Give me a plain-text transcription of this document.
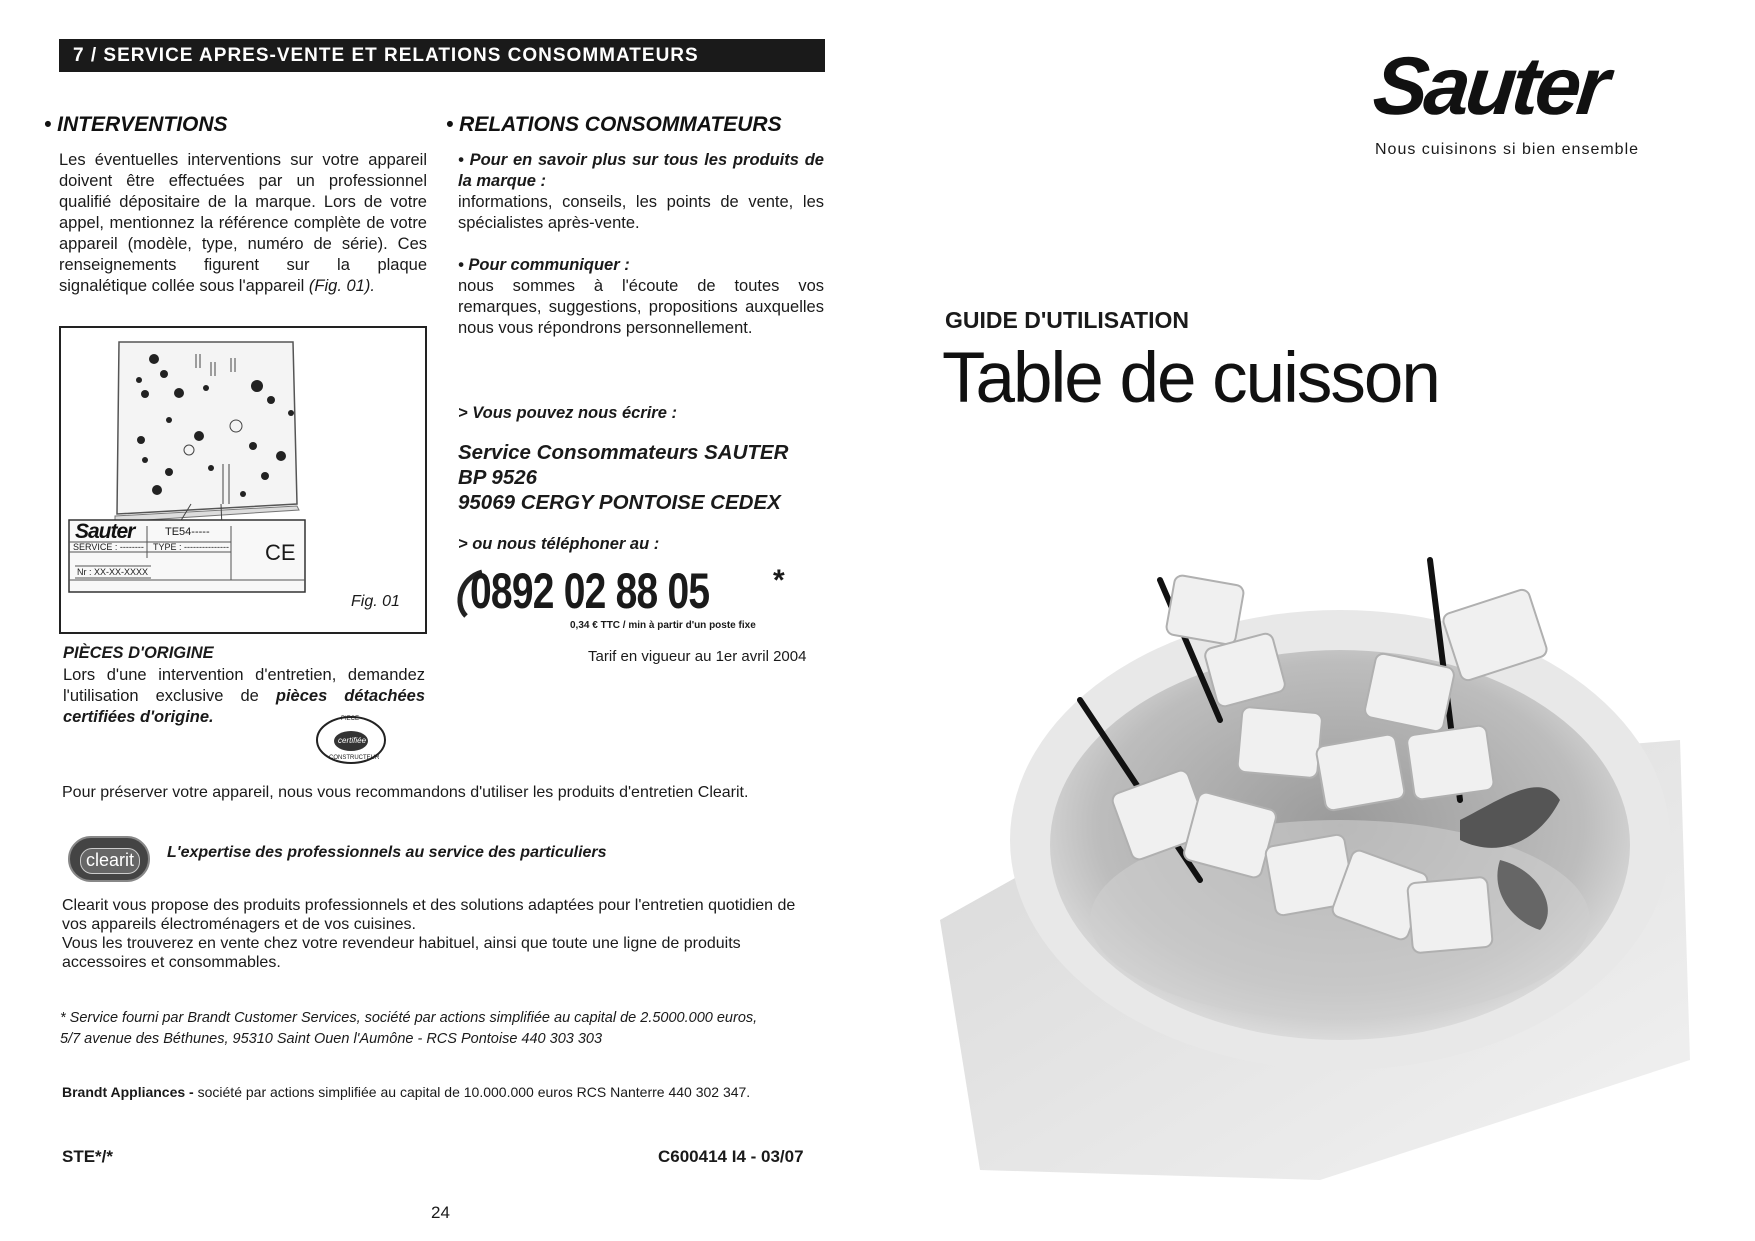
7 / SERVICE APRES-VENTE ET RELATIONS CONSOMMATEURS
• INTERVENTIONS
Les éventuelles interventions sur votre appareil doivent être effectuées par un professionnel qualifié dépositaire de la marque. Lors de votre appel, mentionnez la référence complète de votre appareil (modèle, type, numéro de série). Ces renseignements figurent sur la plaque signalétique collée sous l'appareil (Fig. 01).
Sauter	TE54-----
SERVICE : -------- TYPE : ---------------
Nr : XX-XX-XXXX
CE
Fig. 01
PIÈCES D'ORIGINE
Lors d'une intervention d'entretien, demandez l'utilisation exclusive de pièces détachées certifiées d'origine.	PIECE
certifiée
CONSTRUCTEUR
• RELATIONS CONSOMMATEURS
• Pour en savoir plus sur tous les produits de la marque :
informations, conseils, les points de vente, les spécialistes après-vente.
• Pour communiquer :
nous sommes à l'écoute de toutes vos remarques, suggestions, propositions auxquelles nous vous répondrons personnellement.
> Vous pouvez nous écrire :
Service Consommateurs SAUTER
BP 9526
95069 CERGY PONTOISE CEDEX
> ou nous téléphoner au :
0892 02 88 05 *
0,34 € TTC / min à partir d'un poste fixe
Tarif en vigueur au 1er avril 2004
Pour préserver votre appareil, nous vous recommandons d'utiliser les produits d'entretien Clearit.
clearit	L'expertise des professionnels au service des particuliers
Clearit vous propose des produits professionnels et des solutions adaptées pour l'entretien quotidien de vos appareils électroménagers et de vos cuisines.
Vous les trouverez en vente chez votre revendeur habituel, ainsi que toute une ligne de produits accessoires et consommables.
* Service fourni par Brandt Customer Services, société par actions simplifiée au capital de 2.5000.000 euros,
5/7 avenue des Béthunes, 95310 Saint Ouen l'Aumône - RCS Pontoise 440 303 303
Brandt Appliances - société par actions simplifiée au capital de 10.000.000 euros RCS Nanterre 440 302 347.
STE*/*	C600414 I4 - 03/07
24
Sauter
Nous cuisinons si bien ensemble
GUIDE D'UTILISATION
Table de cuisson
